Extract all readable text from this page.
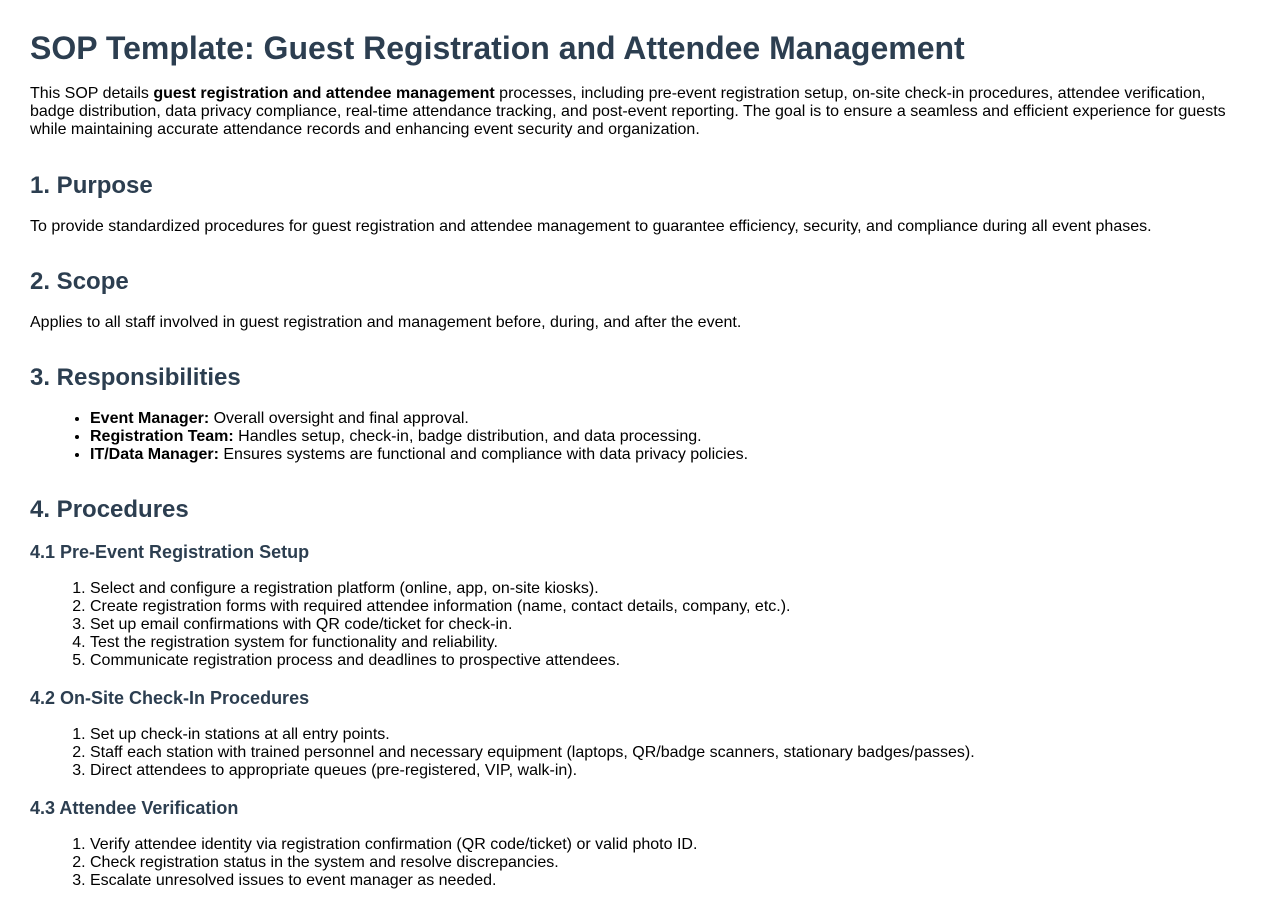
SOP Template: Guest Registration and Attendee Management

This SOP details guest registration and attendee management processes, including pre-event registration setup, on-site check-in procedures, attendee verification, badge distribution, data privacy compliance, real-time attendance tracking, and post-event reporting. The goal is to ensure a seamless and efficient experience for guests while maintaining accurate attendance records and enhancing event security and organization.

1. Purpose

To provide standardized procedures for guest registration and attendee management to guarantee efficiency, security, and compliance during all event phases.

2. Scope

Applies to all staff involved in guest registration and management before, during, and after the event.

3. Responsibilities
• Event Manager: Overall oversight and final approval.
• Registration Team: Handles setup, check-in, badge distribution, and data processing.
• IT/Data Manager: Ensures systems are functional and compliance with data privacy policies.
4. Procedures
4.1 Pre-Event Registration Setup
1. Select and configure a registration platform (online, app, on-site kiosks).
2. Create registration forms with required attendee information (name, contact details, company, etc.).
3. Set up email confirmations with QR code/ticket for check-in.
4. Test the registration system for functionality and reliability.
5. Communicate registration process and deadlines to prospective attendees.
4.2 On-Site Check-In Procedures
1. Set up check-in stations at all entry points.
2. Staff each station with trained personnel and necessary equipment (laptops, QR/badge scanners, stationary badges/passes).
3. Direct attendees to appropriate queues (pre-registered, VIP, walk-in).
4.3 Attendee Verification
1. Verify attendee identity via registration confirmation (QR code/ticket) or valid photo ID.
2. Check registration status in the system and resolve discrepancies.
3. Escalate unresolved issues to event manager as needed.
